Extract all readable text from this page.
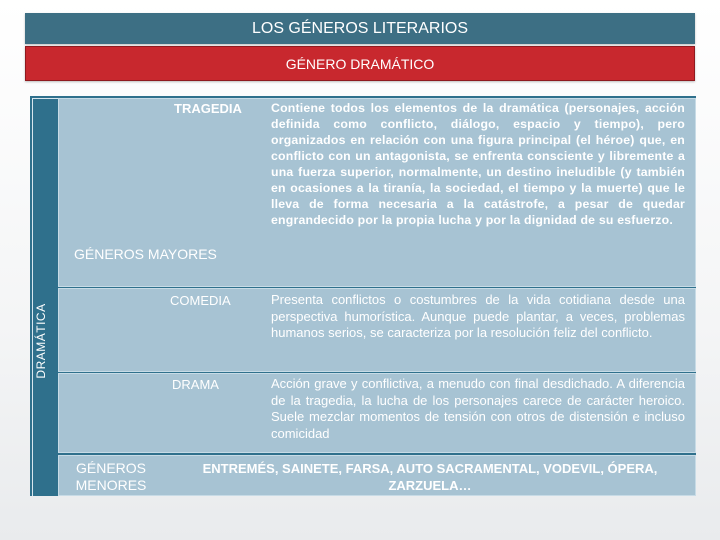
LOS GÉNEROS LITERARIOS
GÉNERO DRAMÁTICO
DRAMÁTICA
GÉNEROS MAYORES
GÉNEROS MENORES
TRAGEDIA Contiene todos los elementos de la dramática (personajes, acción definida como conflicto, diálogo, espacio y tiempo), pero organizados en relación con una figura principal (el héroe) que, en conflicto con un antagonista, se enfrenta consciente y libremente a una fuerza superior, normalmente, un destino ineludible (y también en ocasiones a la tiranía, la sociedad, el tiempo y la muerte) que le lleva de forma necesaria a la catástrofe, a pesar de quedar engrandecido por la propia lucha y por la dignidad de su esfuerzo.
COMEDIA	Presenta conflictos o costumbres de la vida cotidiana desde una perspectiva humorística. Aunque puede plantar, a veces, problemas humanos serios, se caracteriza por la resolución feliz del conflicto.
DRAMA	Acción grave y conflictiva, a menudo con final desdichado. A diferencia de la tragedia, la lucha de los personajes carece de carácter heroico. Suele mezclar momentos de tensión con otros de distensión e incluso comicidad
ENTREMÉS, SAINETE, FARSA, AUTO SACRAMENTAL, VODEVIL, ÓPERA, ZARZUELA…
